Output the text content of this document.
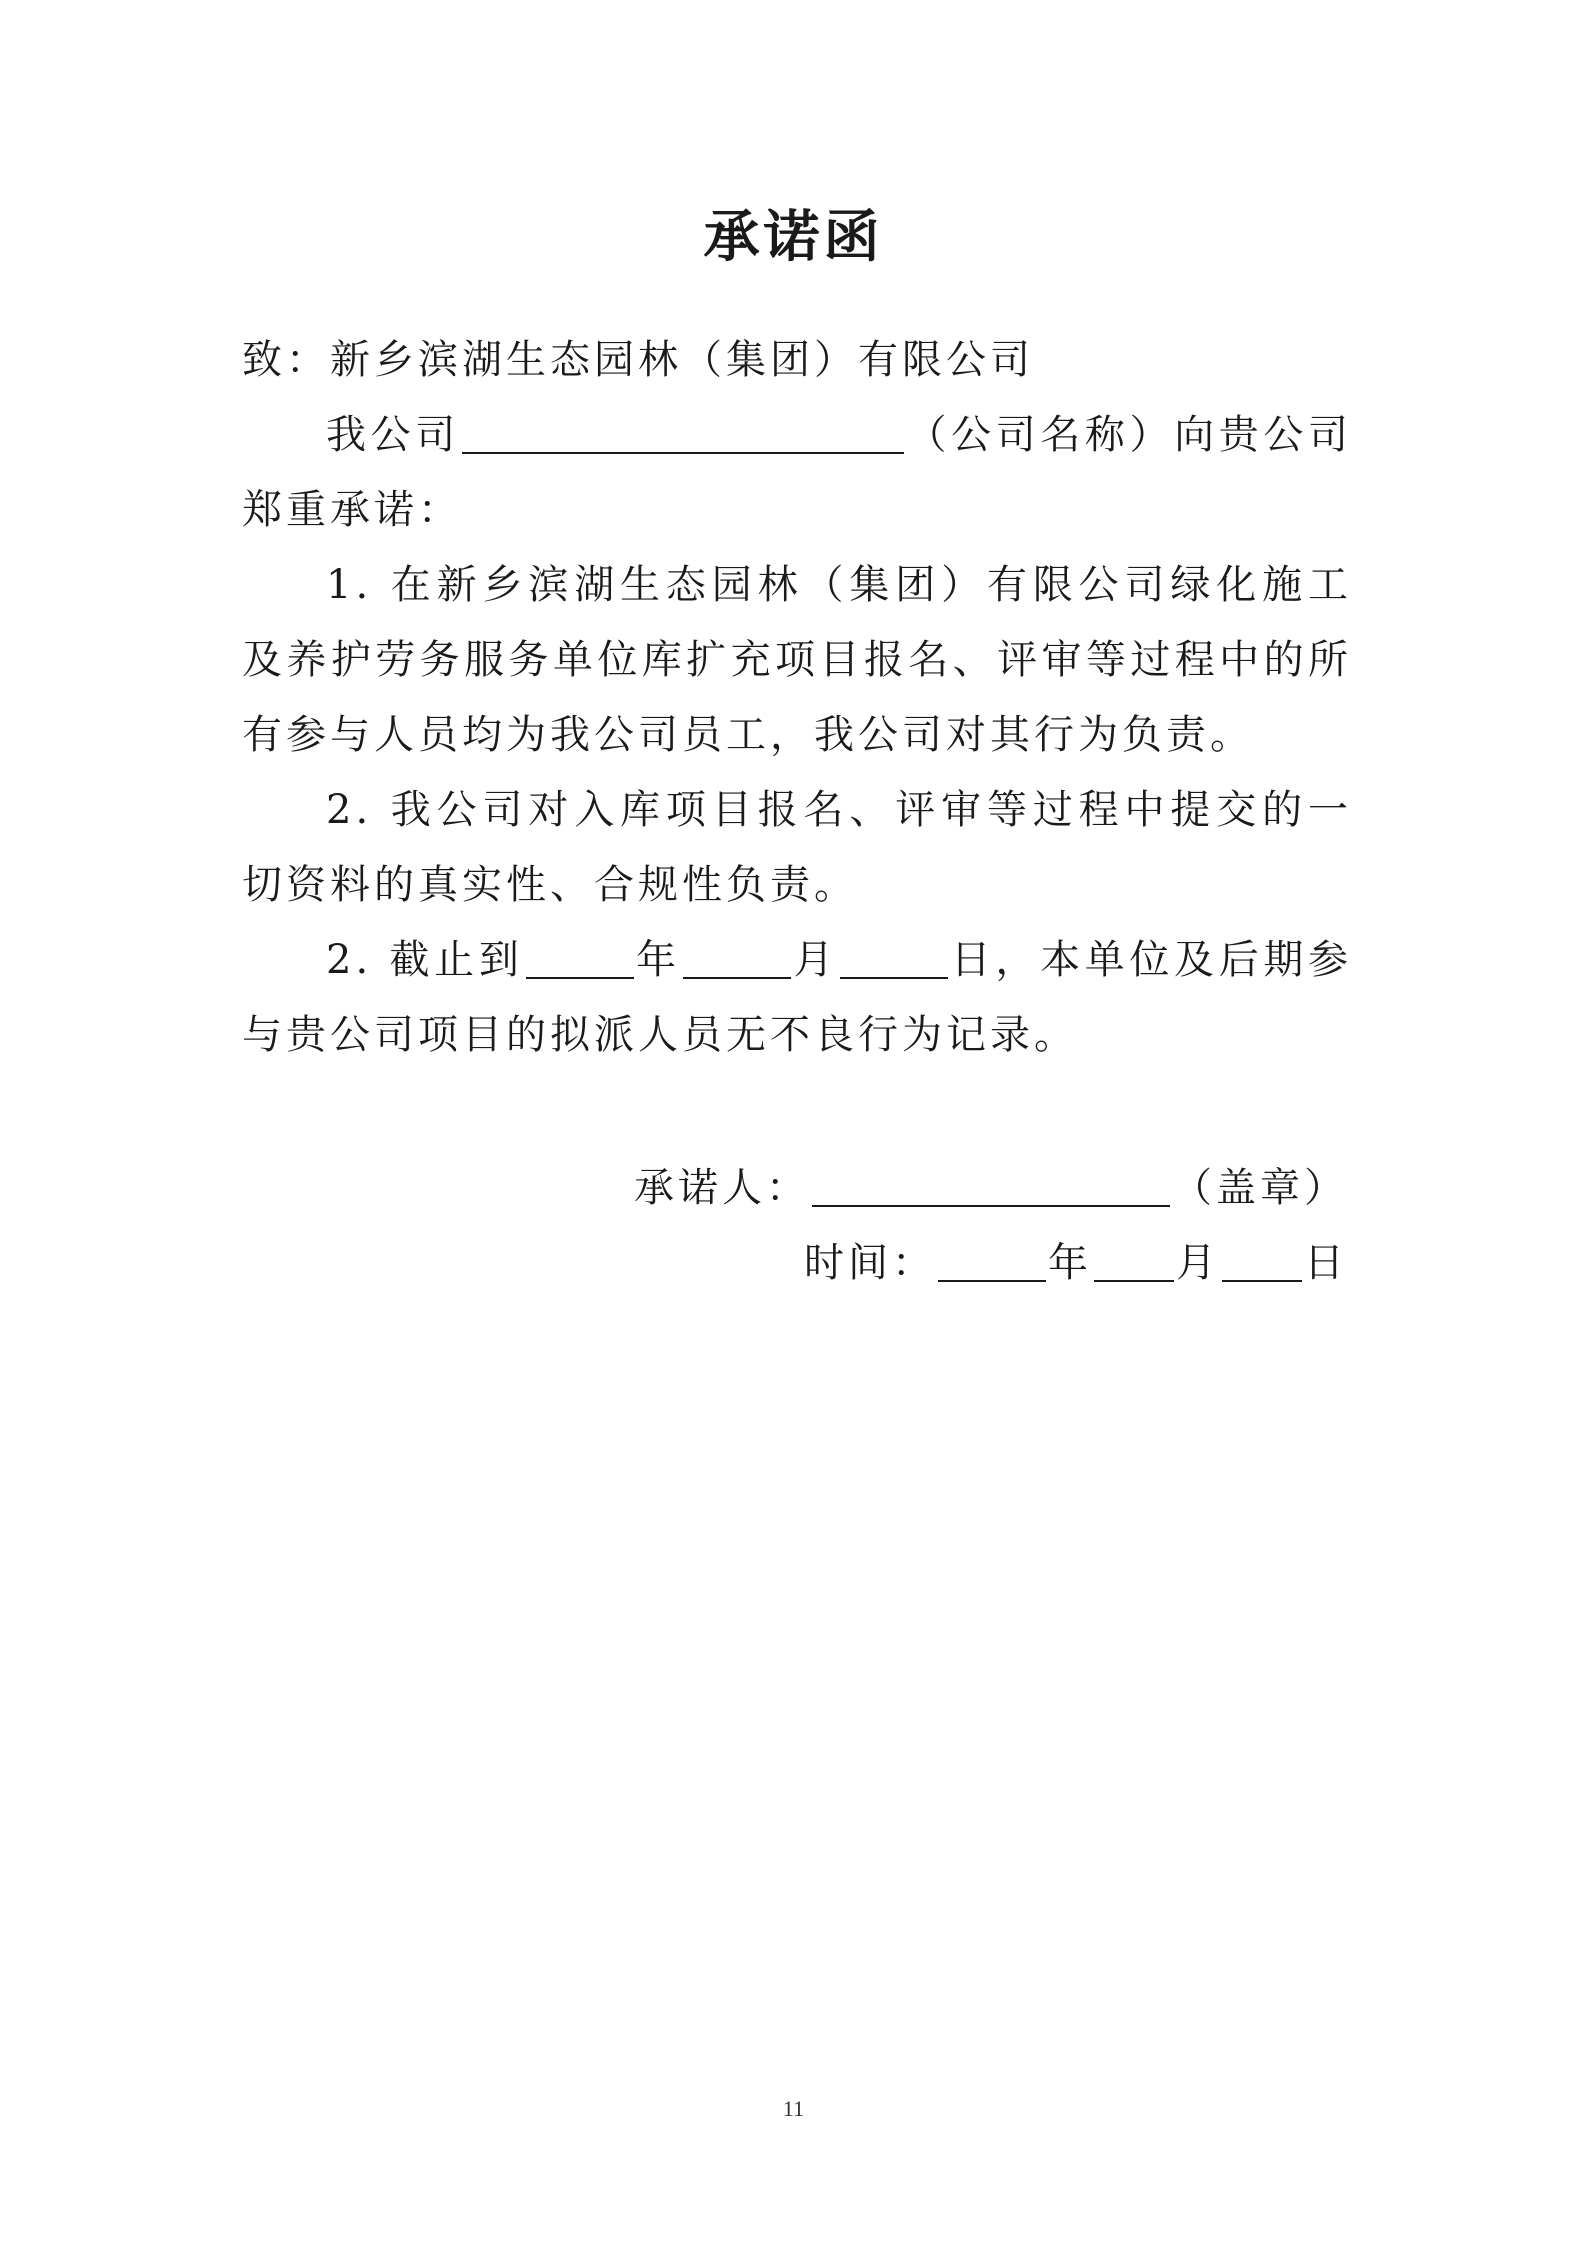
承诺函

致：新乡滨湖生态园林（集团）有限公司

我公司	（公司名称）向贵公司郑重承诺：

1. 在新乡滨湖生态园林（集团）有限公司绿化施工及养护劳务服务单位库扩充项目报名、评审等过程中的所有参与人员均为我公司员工，我公司对其行为负责。

2. 我公司对入库项目报名、评审等过程中提交的一切资料的真实性、合规性负责。

2. 截止到	年	月	日，本单位及后期参与贵公司项目的拟派人员无不良行为记录。

承诺人：	（盖章）
时间：	年 月 日
11
